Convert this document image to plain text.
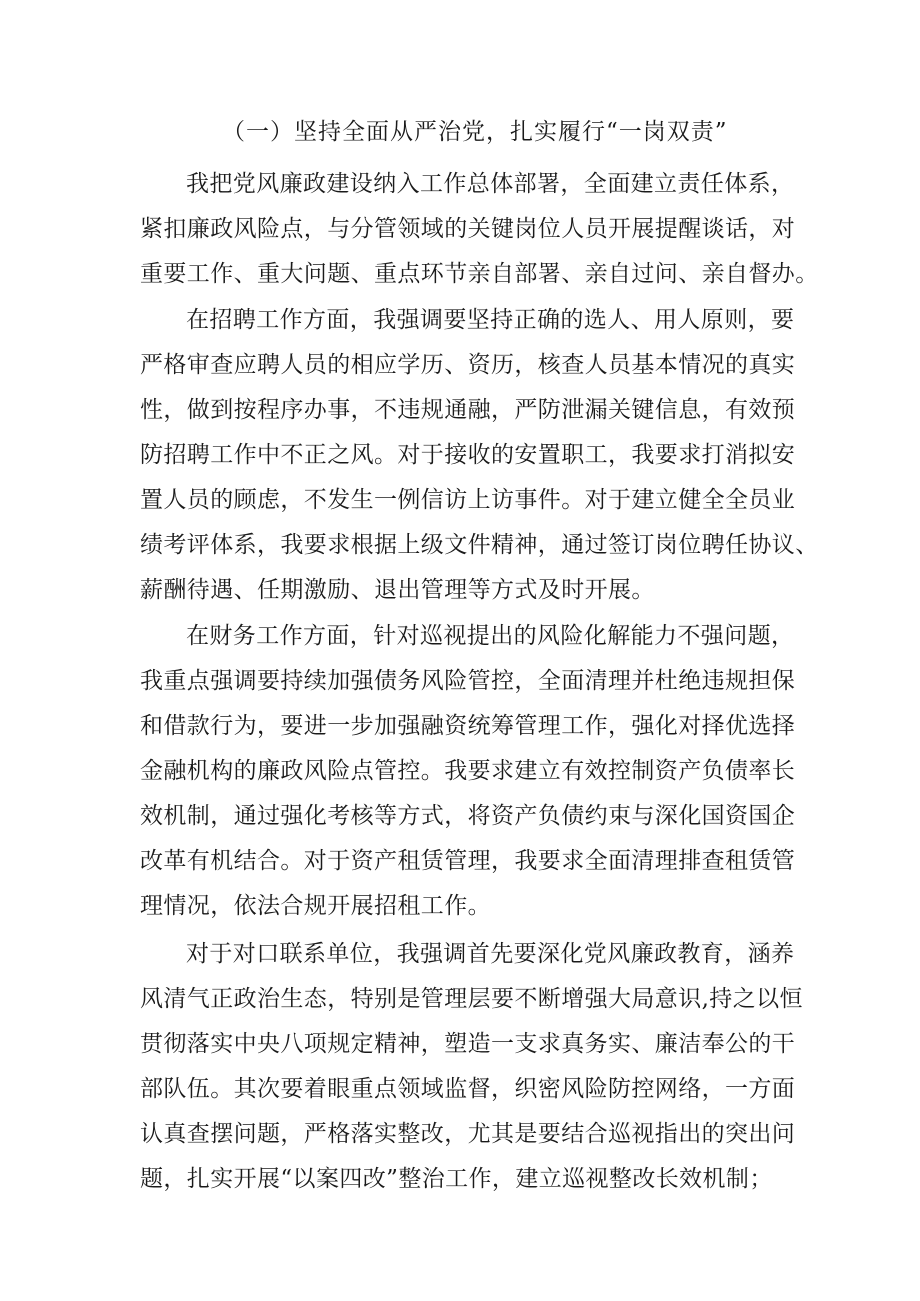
（一）坚持全面从严治党，扎实履行“一岗双责”
我把党风廉政建设纳入工作总体部署，全面建立责任体系，
紧扣廉政风险点，与分管领域的关键岗位人员开展提醒谈话，对
重要工作、重大问题、重点环节亲自部署、亲自过问、亲自督办。
在招聘工作方面，我强调要坚持正确的选人、用人原则，要
严格审查应聘人员的相应学历、资历，核查人员基本情况的真实
性，做到按程序办事，不违规通融，严防泄漏关键信息，有效预
防招聘工作中不正之风。对于接收的安置职工，我要求打消拟安
置人员的顾虑，不发生一例信访上访事件。对于建立健全全员业
绩考评体系，我要求根据上级文件精神，通过签订岗位聘任协议、
薪酬待遇、任期激励、退出管理等方式及时开展。
在财务工作方面，针对巡视提出的风险化解能力不强问题，
我重点强调要持续加强债务风险管控，全面清理并杜绝违规担保
和借款行为，要进一步加强融资统筹管理工作，强化对择优选择
金融机构的廉政风险点管控。我要求建立有效控制资产负债率长
效机制，通过强化考核等方式，将资产负债约束与深化国资国企
改革有机结合。对于资产租赁管理，我要求全面清理排查租赁管
理情况，依法合规开展招租工作。
对于对口联系单位，我强调首先要深化党风廉政教育，涵养
风清气正政治生态，特别是管理层要不断增强大局意识,持之以恒
贯彻落实中央八项规定精神，塑造一支求真务实、廉洁奉公的干
部队伍。其次要着眼重点领域监督，织密风险防控网络，一方面
认真查摆问题，严格落实整改，尤其是要结合巡视指出的突出问
题，扎实开展“以案四改”整治工作，建立巡视整改长效机制；
